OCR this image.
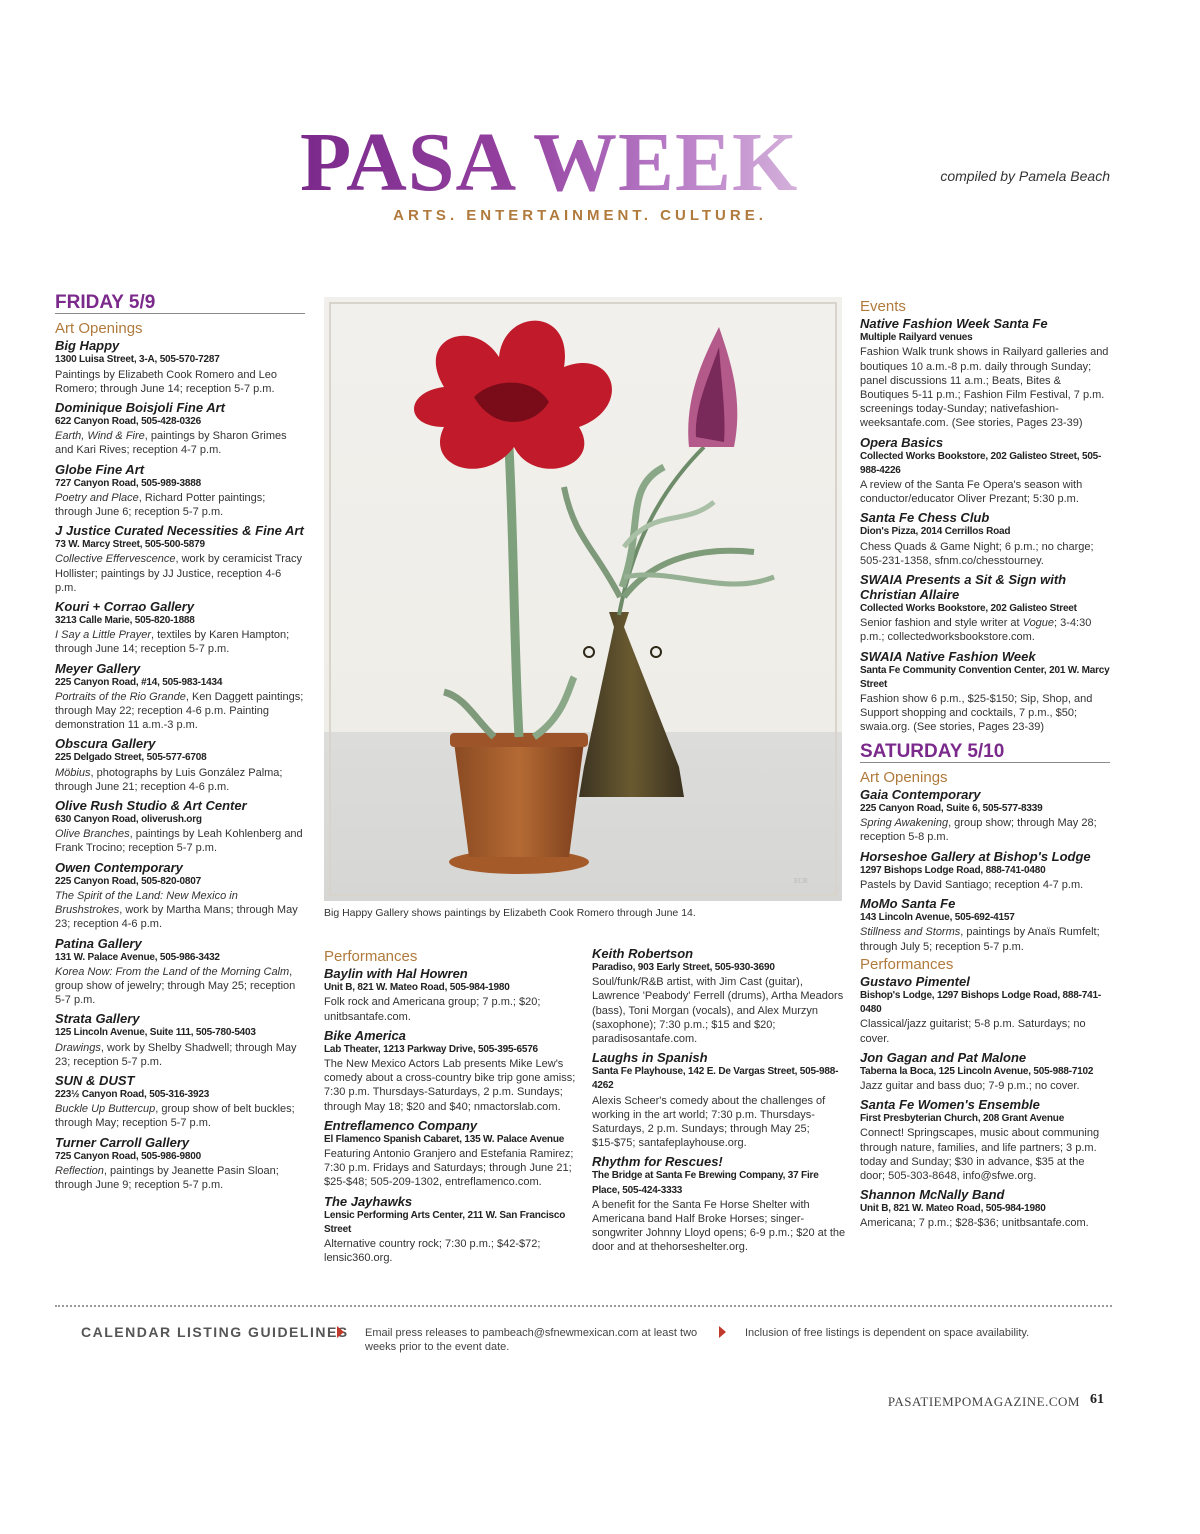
PASA WEEK
ARTS. ENTERTAINMENT. CULTURE.
compiled by Pamela Beach
FRIDAY 5/9
Art Openings
Big Happy
1300 Luisa Street, 3-A, 505-570-7287
Paintings by Elizabeth Cook Romero and Leo Romero; through June 14; reception 5-7 p.m.
Dominique Boisjoli Fine Art
622 Canyon Road, 505-428-0326
Earth, Wind & Fire, paintings by Sharon Grimes and Kari Rives; reception 4-7 p.m.
Globe Fine Art
727 Canyon Road, 505-989-3888
Poetry and Place, Richard Potter paintings; through June 6; reception 5-7 p.m.
J Justice Curated Necessities & Fine Art
73 W. Marcy Street, 505-500-5879
Collective Effervescence, work by ceramicist Tracy Hollister; paintings by JJ Justice, reception 4-6 p.m.
Kouri + Corrao Gallery
3213 Calle Marie, 505-820-1888
I Say a Little Prayer, textiles by Karen Hampton; through June 14; reception 5-7 p.m.
Meyer Gallery
225 Canyon Road, #14, 505-983-1434
Portraits of the Rio Grande, Ken Daggett paintings; through May 22; reception 4-6 p.m. Painting demonstration 11 a.m.-3 p.m.
Obscura Gallery
225 Delgado Street, 505-577-6708
Möbius, photographs by Luis González Palma; through June 21; reception 4-6 p.m.
Olive Rush Studio & Art Center
630 Canyon Road, oliverush.org
Olive Branches, paintings by Leah Kohlenberg and Frank Trocino; reception 5-7 p.m.
Owen Contemporary
225 Canyon Road, 505-820-0807
The Spirit of the Land: New Mexico in Brushstrokes, work by Martha Mans; through May 23; reception 4-6 p.m.
Patina Gallery
131 W. Palace Avenue, 505-986-3432
Korea Now: From the Land of the Morning Calm, group show of jewelry; through May 25; reception 5-7 p.m.
Strata Gallery
125 Lincoln Avenue, Suite 111, 505-780-5403
Drawings, work by Shelby Shadwell; through May 23; reception 5-7 p.m.
SUN & DUST
223½ Canyon Road, 505-316-3923
Buckle Up Buttercup, group show of belt buckles; through May; reception 5-7 p.m.
Turner Carroll Gallery
725 Canyon Road, 505-986-9800
Reflection, paintings by Jeanette Pasin Sloan; through June 9; reception 5-7 p.m.
ECR
Big Happy Gallery shows paintings by Elizabeth Cook Romero through June 14.
Performances
Baylin with Hal Howren
Unit B, 821 W. Mateo Road, 505-984-1980
Folk rock and Americana group; 7 p.m.; $20; unitbsantafe.com.
Bike America
Lab Theater, 1213 Parkway Drive, 505-395-6576
The New Mexico Actors Lab presents Mike Lew's comedy about a cross-country bike trip gone amiss; 7:30 p.m. Thursdays-Saturdays, 2 p.m. Sundays; through May 18; $20 and $40; nmactorslab.com.
Entreflamenco Company
El Flamenco Spanish Cabaret, 135 W. Palace Avenue
Featuring Antonio Granjero and Estefania Ramirez; 7:30 p.m. Fridays and Saturdays; through June 21; $25-$48; 505-209-1302, entreflamenco.com.
The Jayhawks
Lensic Performing Arts Center, 211 W. San Francisco Street
Alternative country rock; 7:30 p.m.; $42-$72; lensic360.org.
Keith Robertson
Paradiso, 903 Early Street, 505-930-3690
Soul/funk/R&B artist, with Jim Cast (guitar), Lawrence 'Peabody' Ferrell (drums), Artha Meadors (bass), Toni Morgan (vocals), and Alex Murzyn (saxophone); 7:30 p.m.; $15 and $20; paradisosantafe.com.
Laughs in Spanish
Santa Fe Playhouse, 142 E. De Vargas Street, 505-988-4262
Alexis Scheer's comedy about the challenges of working in the art world; 7:30 p.m. Thursdays-Saturdays, 2 p.m. Sundays; through May 25; $15-$75; santafeplayhouse.org.
Rhythm for Rescues!
The Bridge at Santa Fe Brewing Company, 37 Fire Place, 505-424-3333
A benefit for the Santa Fe Horse Shelter with Americana band Half Broke Horses; singer-songwriter Johnny Lloyd opens; 6-9 p.m.; $20 at the door and at thehorseshelter.org.
Events
Native Fashion Week Santa Fe
Multiple Railyard venues
Fashion Walk trunk shows in Railyard galleries and boutiques 10 a.m.-8 p.m. daily through Sunday; panel discussions 11 a.m.; Beats, Bites & Boutiques 5-11 p.m.; Fashion Film Festival, 7 p.m. screenings today-Sunday; nativefashion-weeksantafe.com. (See stories, Pages 23-39)
Opera Basics
Collected Works Bookstore, 202 Galisteo Street, 505-988-4226
A review of the Santa Fe Opera's season with conductor/educator Oliver Prezant; 5:30 p.m.
Santa Fe Chess Club
Dion's Pizza, 2014 Cerrillos Road
Chess Quads & Game Night; 6 p.m.; no charge; 505-231-1358, sfnm.co/chesstourney.
SWAIA Presents a Sit & Sign with Christian Allaire
Collected Works Bookstore, 202 Galisteo Street
Senior fashion and style writer at Vogue; 3-4:30 p.m.; collectedworksbookstore.com.
SWAIA Native Fashion Week
Santa Fe Community Convention Center, 201 W. Marcy Street
Fashion show 6 p.m., $25-$150; Sip, Shop, and Support shopping and cocktails, 7 p.m., $50; swaia.org. (See stories, Pages 23-39)
SATURDAY 5/10
Art Openings
Gaia Contemporary
225 Canyon Road, Suite 6, 505-577-8339
Spring Awakening, group show; through May 28; reception 5-8 p.m.
Horseshoe Gallery at Bishop's Lodge
1297 Bishops Lodge Road, 888-741-0480
Pastels by David Santiago; reception 4-7 p.m.
MoMo Santa Fe
143 Lincoln Avenue, 505-692-4157
Stillness and Storms, paintings by Anaïs Rumfelt; through July 5; reception 5-7 p.m.
Performances
Gustavo Pimentel
Bishop's Lodge, 1297 Bishops Lodge Road, 888-741-0480
Classical/jazz guitarist; 5-8 p.m. Saturdays; no cover.
Jon Gagan and Pat Malone
Taberna la Boca, 125 Lincoln Avenue, 505-988-7102
Jazz guitar and bass duo; 7-9 p.m.; no cover.
Santa Fe Women's Ensemble
First Presbyterian Church, 208 Grant Avenue
Connect! Springscapes, music about communing through nature, families, and life partners; 3 p.m. today and Sunday; $30 in advance, $35 at the door; 505-303-8648, info@sfwe.org.
Shannon McNally Band
Unit B, 821 W. Mateo Road, 505-984-1980
Americana; 7 p.m.; $28-$36; unitbsantafe.com.
CALENDAR LISTING GUIDELINES Email press releases to pambeach@sfnewmexican.com at least two weeks prior to the event date.
Inclusion of free listings is dependent on space availability.
PASATIEMPOMAGAZINE.COM 61
